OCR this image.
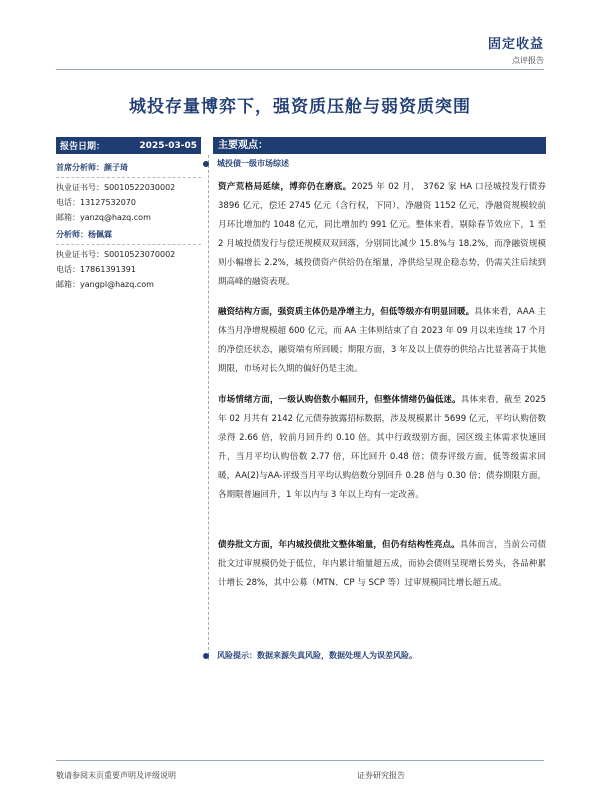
固定收益
点评报告
城投存量博弈下，强资质压舱与弱资质突围
报告日期：	2025-03-05
首席分析师：颜子琦
执业证书号：S0010522030002
电话：13127532070
邮箱：yanzq@hazq.com
分析师：杨佩霖
执业证书号：S0010523070002
电话：17861391391
邮箱：yangpl@hazq.com
主要观点：
城投债一级市场综述
资产荒格局延续，博弈仍在磨底。2025 年 02 月， 3762 家 HA 口径城投发行债券 3896 亿元，偿还 2745 亿元（含行权，下同），净融资 1152 亿元，净融资规模较前月环比增加约 1048 亿元，同比增加约 991 亿元。整体来看，剔除春节效应下，1 至 2 月城投债发行与偿还规模双双回落，分别同比减少 15.8%与 18.2%，而净融资规模则小幅增长 2.2%，城投债资产供给仍在缩量，净供给呈现企稳态势，仍需关注后续到期高峰的融资表现。
融资结构方面，强资质主体仍是净增主力，但低等级亦有明显回暖。具体来看，AAA 主体当月净增规模超 600 亿元，而 AA 主体则结束了自 2023 年 09 月以来连续 17 个月的净偿还状态，融资端有所回暖；期限方面，3 年及以上债券的供给占比显著高于其他期限，市场对长久期的偏好仍是主流。
市场情绪方面，一级认购倍数小幅回升，但整体情绪仍偏低迷。具体来看，截至 2025 年 02 月共有 2142 亿元债券披露招标数据，涉及规模累计 5699 亿元，平均认购倍数录得 2.66 倍，较前月回升约 0.10 倍。其中行政级别方面，园区级主体需求快速回升，当月平均认购倍数 2.77 倍，环比回升 0.48 倍；债券评级方面，低等级需求回暖，AA(2)与AA-评级当月平均认购倍数分别回升 0.28 倍与 0.30 倍；债券期限方面，各期限普遍回升，1 年以内与 3 年以上均有一定改善。
债券批文方面，年内城投债批文整体缩量，但仍有结构性亮点。具体而言，当前公司债批文过审规模仍处于低位，年内累计缩量超五成，而协会债则呈现增长势头，各品种累计增长 28%，其中公募（MTN、CP 与 SCP 等）过审规模同比增长超五成。
风险提示：数据来源失真风险，数据处理人为误差风险。
敬请参阅末页重要声明及评级说明	证券研究报告
